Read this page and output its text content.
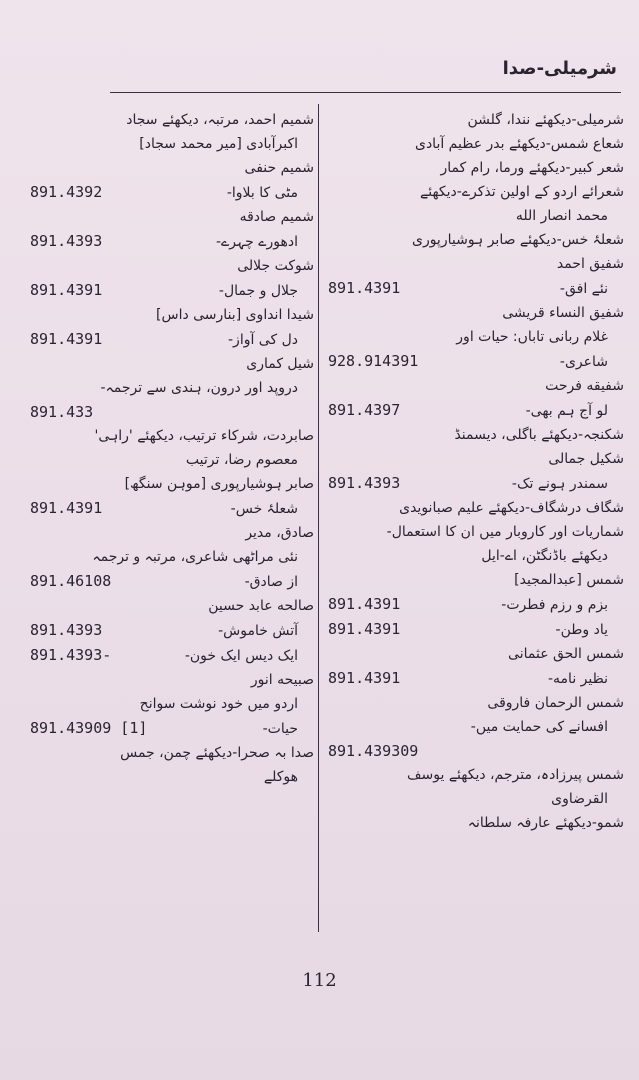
شرمیلی-صدا
شرمیلی-دیکھئے نندا، گلشن
شعاع شمس-دیکھئے بدر عظیم آبادی
شعر کبیر-دیکھئے ورما، رام کمار
شعرائے اردو کے اولین تذکرے-دیکھئے
محمد انصار الله
شعلۂ خس-دیکھئے صابر ہوشیارپوری
شفیق احمد
نئے افق-
891.4391
شفیق النساء قریشی
غلام ربانی تاباں: حیات اور
شاعری-
928.914391
شفیقه فرحت
لو آج ہم بھی-
891.4397
شکنجہ-دیکھئے باگلی، دیسمنڈ
شکیل جمالی
سمندر ہونے تک-
891.4393
شگاف درشگاف-دیکھئے علیم صبانویدی
شماریات اور کاروبار میں ان کا استعمال-
دیکھئے باڈنگٹن، اے-ایل
شمس [عبدالمجید]
بزم و رزم فطرت-
891.4391
یاد وطن-
891.4391
شمس الحق عثمانی
نظیر نامه-
891.4391
شمس الرحمان فاروقی
افسانے کی حمایت میں-
891.439309
شمس پیرزادہ، مترجم، دیکھئے یوسف
القرضاوی
شمو-دیکھئے عارفہ سلطانہ
شمیم احمد، مرتبہ، دیکھئے سجاد
اکبرآبادی [میر محمد سجاد]
شمیم حنفی
مٹی کا بلاوا-
891.4392
شمیم صادقه
ادھورے چہرے-
891.4393
شوکت جلالی
جلال و جمال-
891.4391
شیدا انداوی [بنارسی داس]
دل کی آواز-
891.4391
شیل کماری
دروپد اور درون، ہندی سے ترجمہ-
891.433
صابردت، شرکاء ترتیب، دیکھئے 'راہی'
معصوم رضا، ترتیب
صابر ہوشیارپوری [موہن سنگھ]
شعلۂ خس-
891.4391
صادق، مدیر
نئی مراٹھی شاعری، مرتبہ و ترجمہ
از صادق-
891.46108
صالحه عابد حسین
آتش خاموش-
891.4393
ایک دیس ایک خون-
891.4393-
صبیحه انور
اردو میں خود نوشت سوانح
حیات-
891.43909 [1]
صدا بہ صحرا-دیکھئے چمن، جمس
هوکلے
112
